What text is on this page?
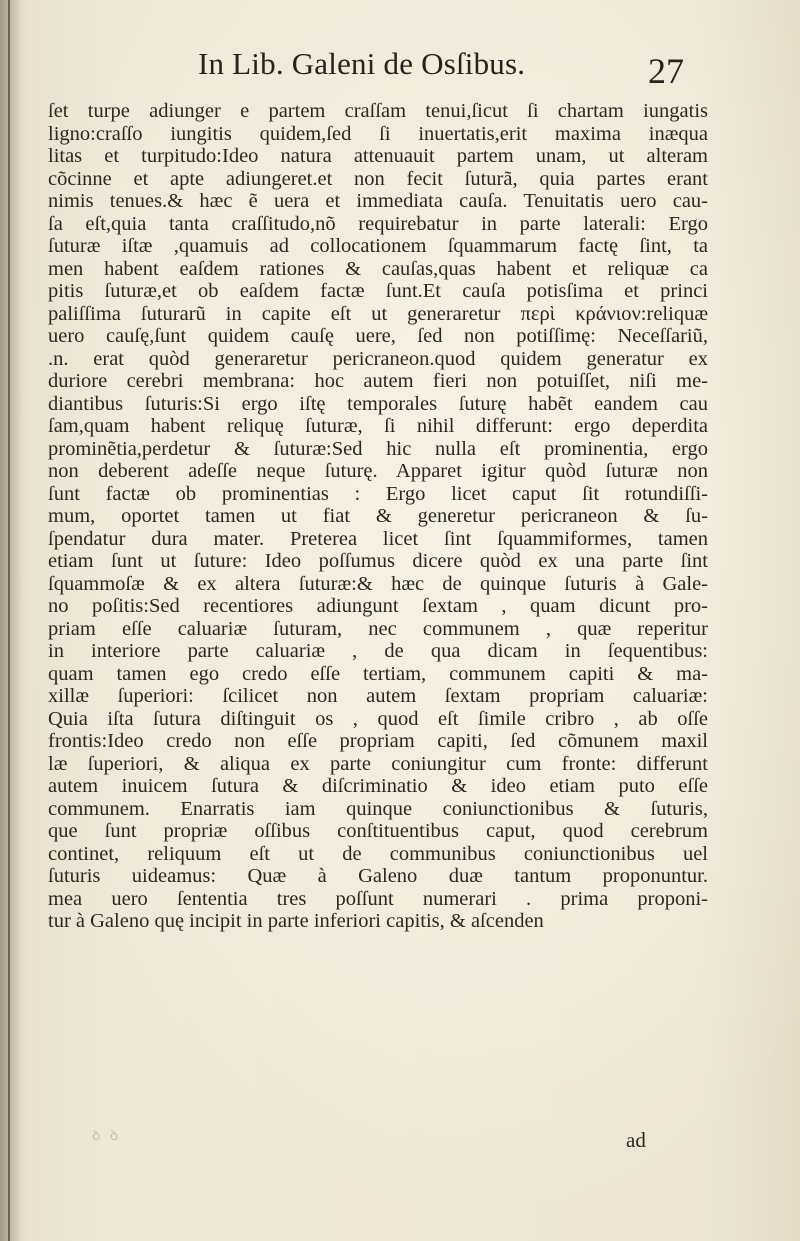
In Lib. Galeni de Osſibus.	27
ſet turpe adiunger e partem craſſam tenui,ſicut ſi chartam iungatis
ligno:craſſo iungitis quidem,ſed ſi inuertatis,erit maxima inæqua
litas et turpitudo:Ideo natura attenuauit partem unam, ut alteram
cõcinne et apte adiungeret.et non fecit ſuturã, quia partes erant
nimis tenues.& hæc ẽ uera et immediata cauſa. Tenuitatis uero cau-
ſa eſt,quia tanta craſſitudo,nõ requirebatur in parte laterali: Ergo
ſuturæ iſtæ ,quamuis ad collocationem ſquammarum factę ſint, ta
men habent eaſdem rationes & cauſas,quas habent et reliquæ ca
pitis ſuturæ,et ob eaſdem factæ ſunt.Et cauſa potisſima et princi
paliſſima ſuturarũ in capite eſt ut generaretur περὶ κράνιον:reliquæ
uero cauſę,ſunt quidem cauſę uere, ſed non potiſſimę: Neceſſariũ,
.n. erat quòd generaretur pericraneon.quod quidem generatur ex
duriore cerebri membrana: hoc autem fieri non potuiſſet, niſi me-
diantibus ſuturis:Si ergo iſtę temporales ſuturę habẽt eandem cau
ſam,quam habent reliquę ſuturæ, ſi nihil differunt: ergo deperdita
prominẽtia,perdetur & ſuturæ:Sed hic nulla eſt prominentia, ergo
non deberent adeſſe neque ſuturę. Apparet igitur quòd ſuturæ non
ſunt factæ ob prominentias : Ergo licet caput ſit rotundiſſi-
mum, oportet tamen ut fiat & generetur pericraneon & ſu-
ſpendatur dura mater. Preterea licet ſint ſquammiformes, tamen
etiam ſunt ut ſuture: Ideo poſſumus dicere quòd ex una parte ſint
ſquammoſæ & ex altera ſuturæ:& hæc de quinque ſuturis à Gale-
no poſitis:Sed recentiores adiungunt ſextam , quam dicunt pro-
priam eſſe caluariæ ſuturam, nec communem , quæ reperitur
in interiore parte caluariæ , de qua dicam in ſequentibus:
quam tamen ego credo eſſe tertiam, communem capiti & ma-
xillæ ſuperiori: ſcilicet non autem ſextam propriam caluariæ:
Quia iſta ſutura diſtinguit os , quod eſt ſimile cribro , ab oſſe
frontis:Ideo credo non eſſe propriam capiti, ſed cõmunem maxil
læ ſuperiori, & aliqua ex parte coniungitur cum fronte: differunt
autem inuicem ſutura & diſcriminatio & ideo etiam puto eſſe
communem. Enarratis iam quinque coniunctionibus & ſuturis,
que ſunt propriæ oſſibus conſtituentibus caput, quod cerebrum
continet, reliquum eſt ut de communibus coniunctionibus uel
ſuturis uideamus: Quæ à Galeno duæ tantum proponuntur.
mea uero ſententia tres poſſunt numerari . prima proponi-
tur à Galeno quę incipit in parte inferiori capitis, & aſcenden
ꝺ ꝺ	ad
